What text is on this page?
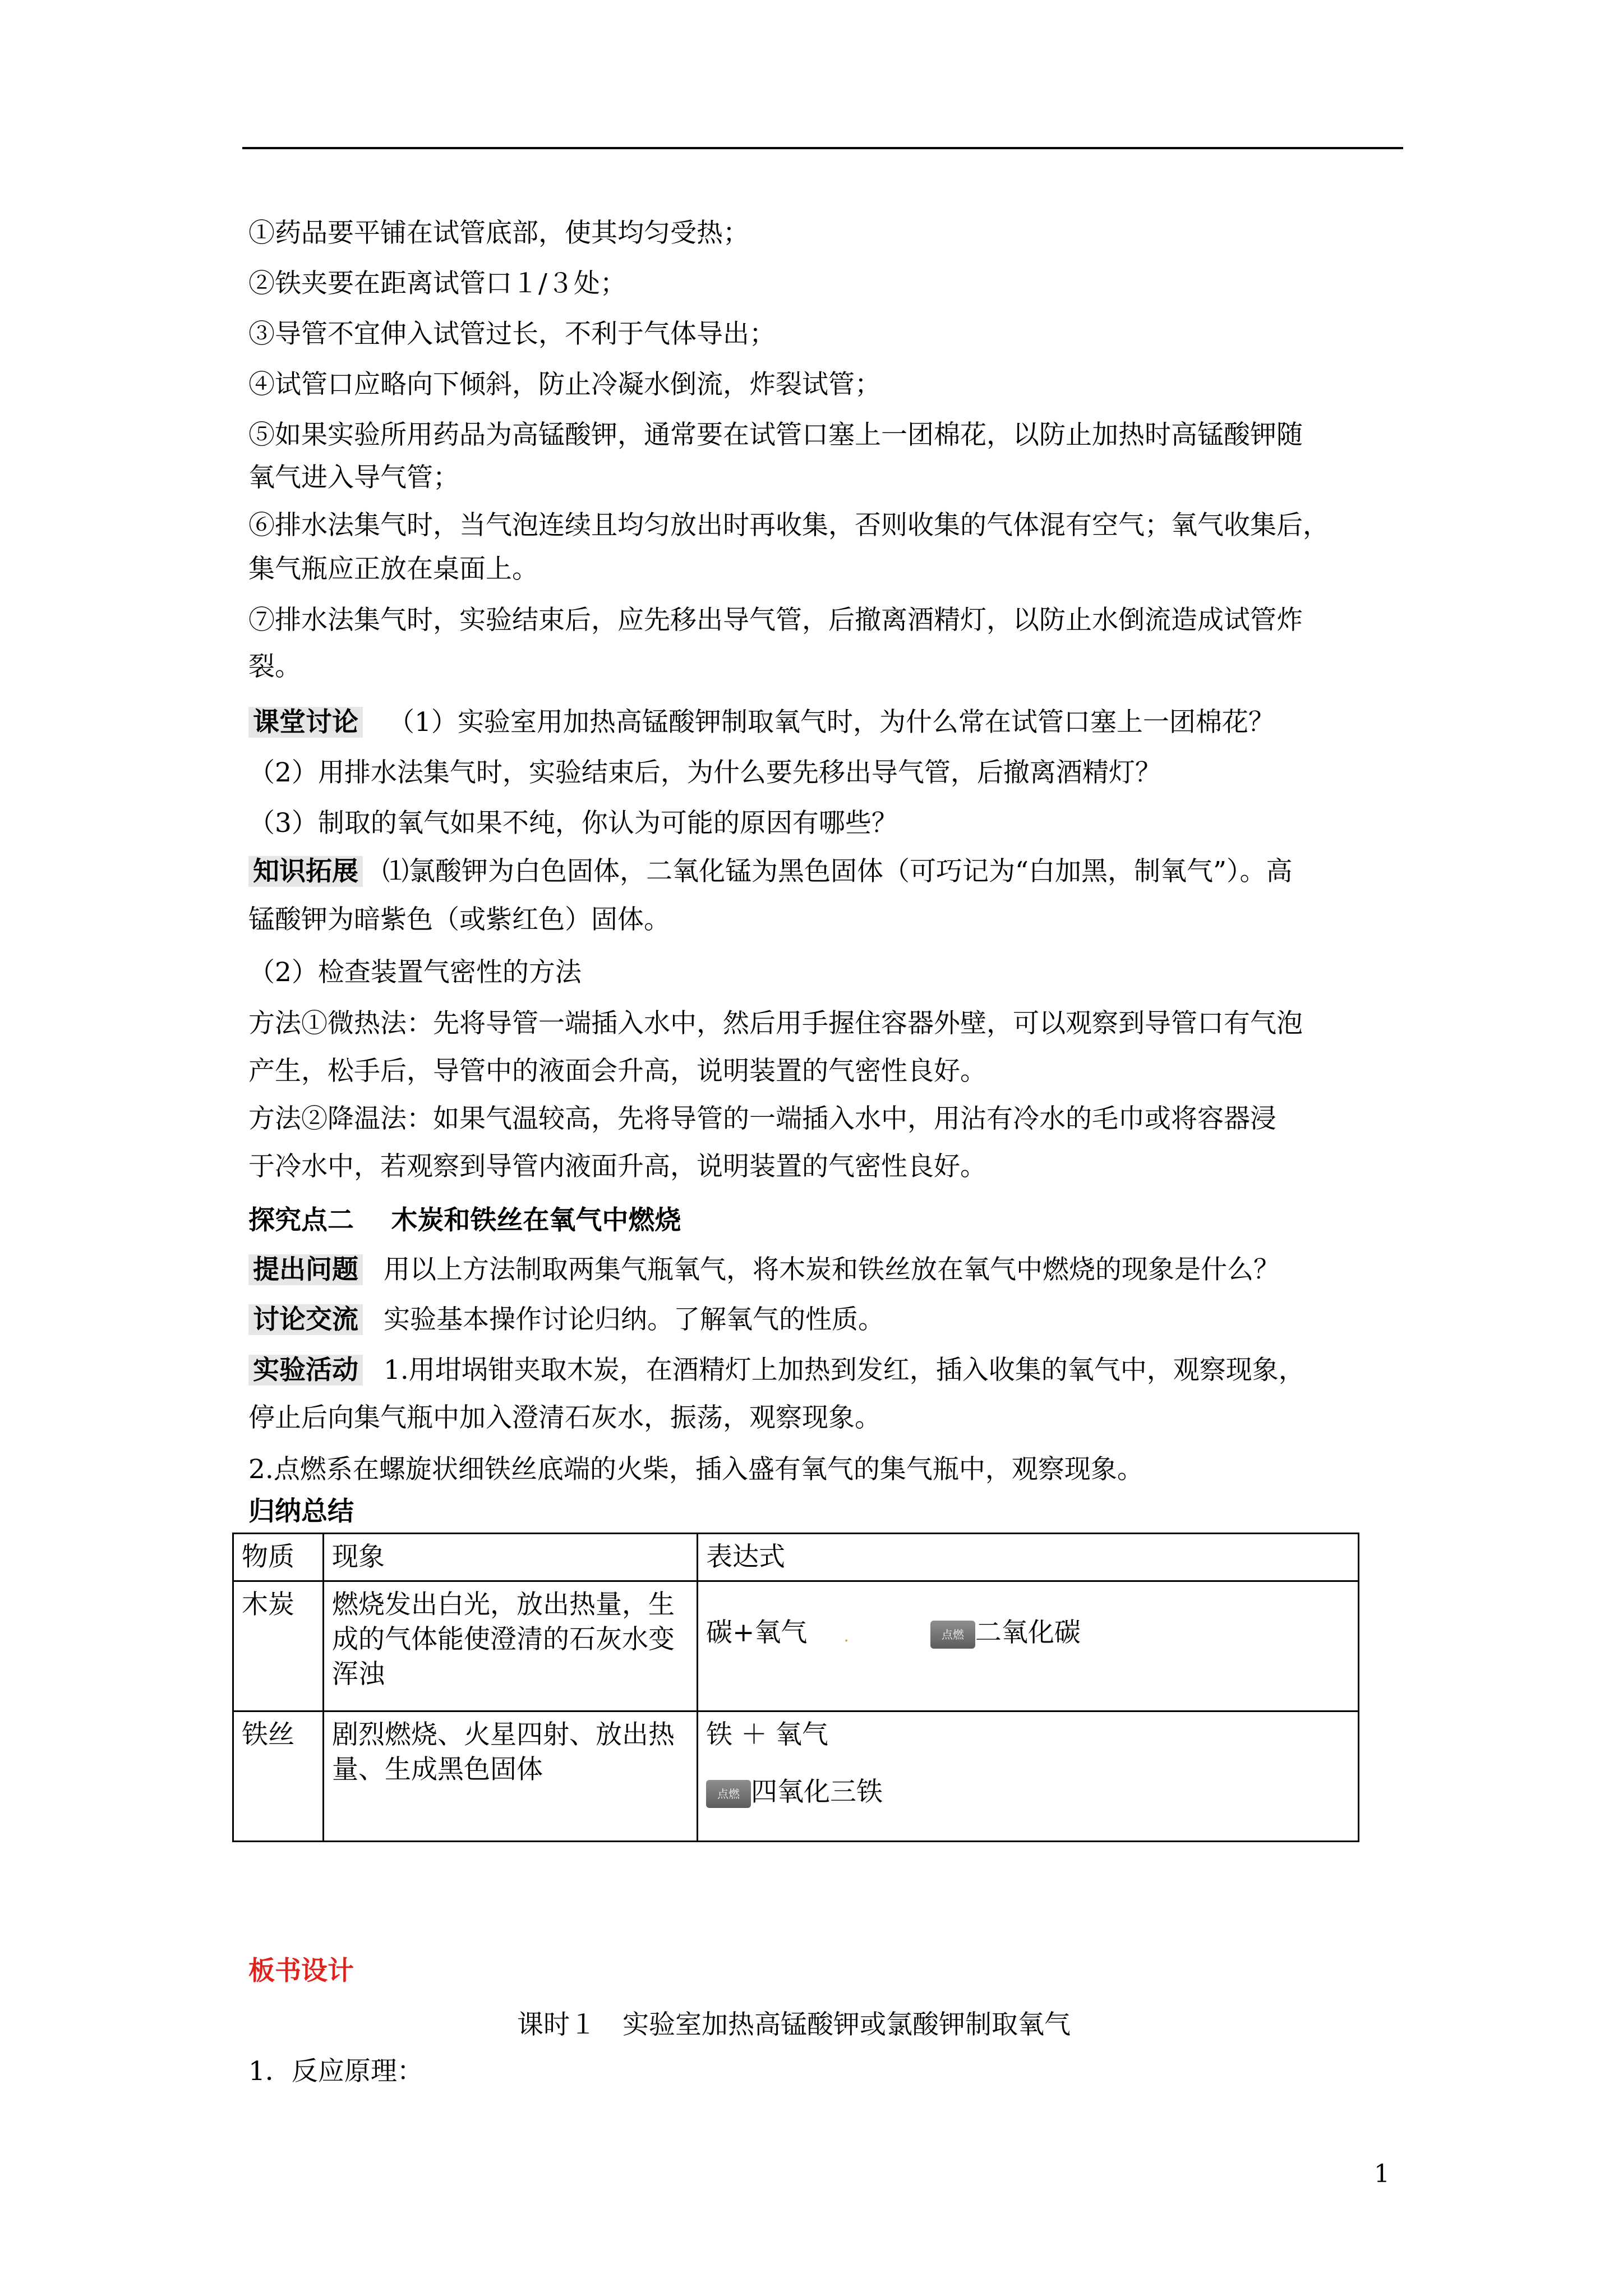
①药品要平铺在试管底部，使其均匀受热；
②铁夹要在距离试管口１/３处；
③导管不宜伸入试管过长，不利于气体导出；
④试管口应略向下倾斜，防止冷凝水倒流，炸裂试管；
⑤如果实验所用药品为高锰酸钾，通常要在试管口塞上一团棉花，以防止加热时高锰酸钾随
氧气进入导气管；
⑥排水法集气时，当气泡连续且均匀放出时再收集，否则收集的气体混有空气；氧气收集后，
集气瓶应正放在桌面上。
⑦排水法集气时，实验结束后，应先移出导气管，后撤离酒精灯，以防止水倒流造成试管炸
裂。
课堂讨论 （1）实验室用加热高锰酸钾制取氧气时，为什么常在试管口塞上一团棉花？
（2）用排水法集气时，实验结束后，为什么要先移出导气管，后撤离酒精灯？
（3）制取的氧气如果不纯，你认为可能的原因有哪些？
知识拓展 ⑴氯酸钾为白色固体，二氧化锰为黑色固体（可巧记为“白加黑，制氧气”）。高
锰酸钾为暗紫色（或紫红色）固体。
（2）检查装置气密性的方法
方法①微热法：先将导管一端插入水中，然后用手握住容器外壁，可以观察到导管口有气泡
产生，松手后，导管中的液面会升高，说明装置的气密性良好。
方法②降温法：如果气温较高，先将导管的一端插入水中，用沾有冷水的毛巾或将容器浸
于冷水中，若观察到导管内液面升高，说明装置的气密性良好。
探究点二 木炭和铁丝在氧气中燃烧
提出问题 用以上方法制取两集气瓶氧气，将木炭和铁丝放在氧气中燃烧的现象是什么？
讨论交流 实验基本操作讨论归纳。了解氧气的性质。
实验活动 1.用坩埚钳夹取木炭，在酒精灯上加热到发红，插入收集的氧气中，观察现象，
停止后向集气瓶中加入澄清石灰水，振荡，观察现象。
2.点燃系在螺旋状细铁丝底端的火柴，插入盛有氧气的集气瓶中，观察现象。
归纳总结
物质	现象	表达式
木炭	燃烧发出白光，放出热量，生成的气体能使澄清的石灰水变浑浊	碳+氧气 . 点燃 二氧化碳
铁丝	剧烈燃烧、火星四射、放出热量、生成黑色固体	铁 ＋ 氧气
点燃 四氧化三铁
板书设计
课时１　实验室加热高锰酸钾或氯酸钾制取氧气
1．反应原理：
1
